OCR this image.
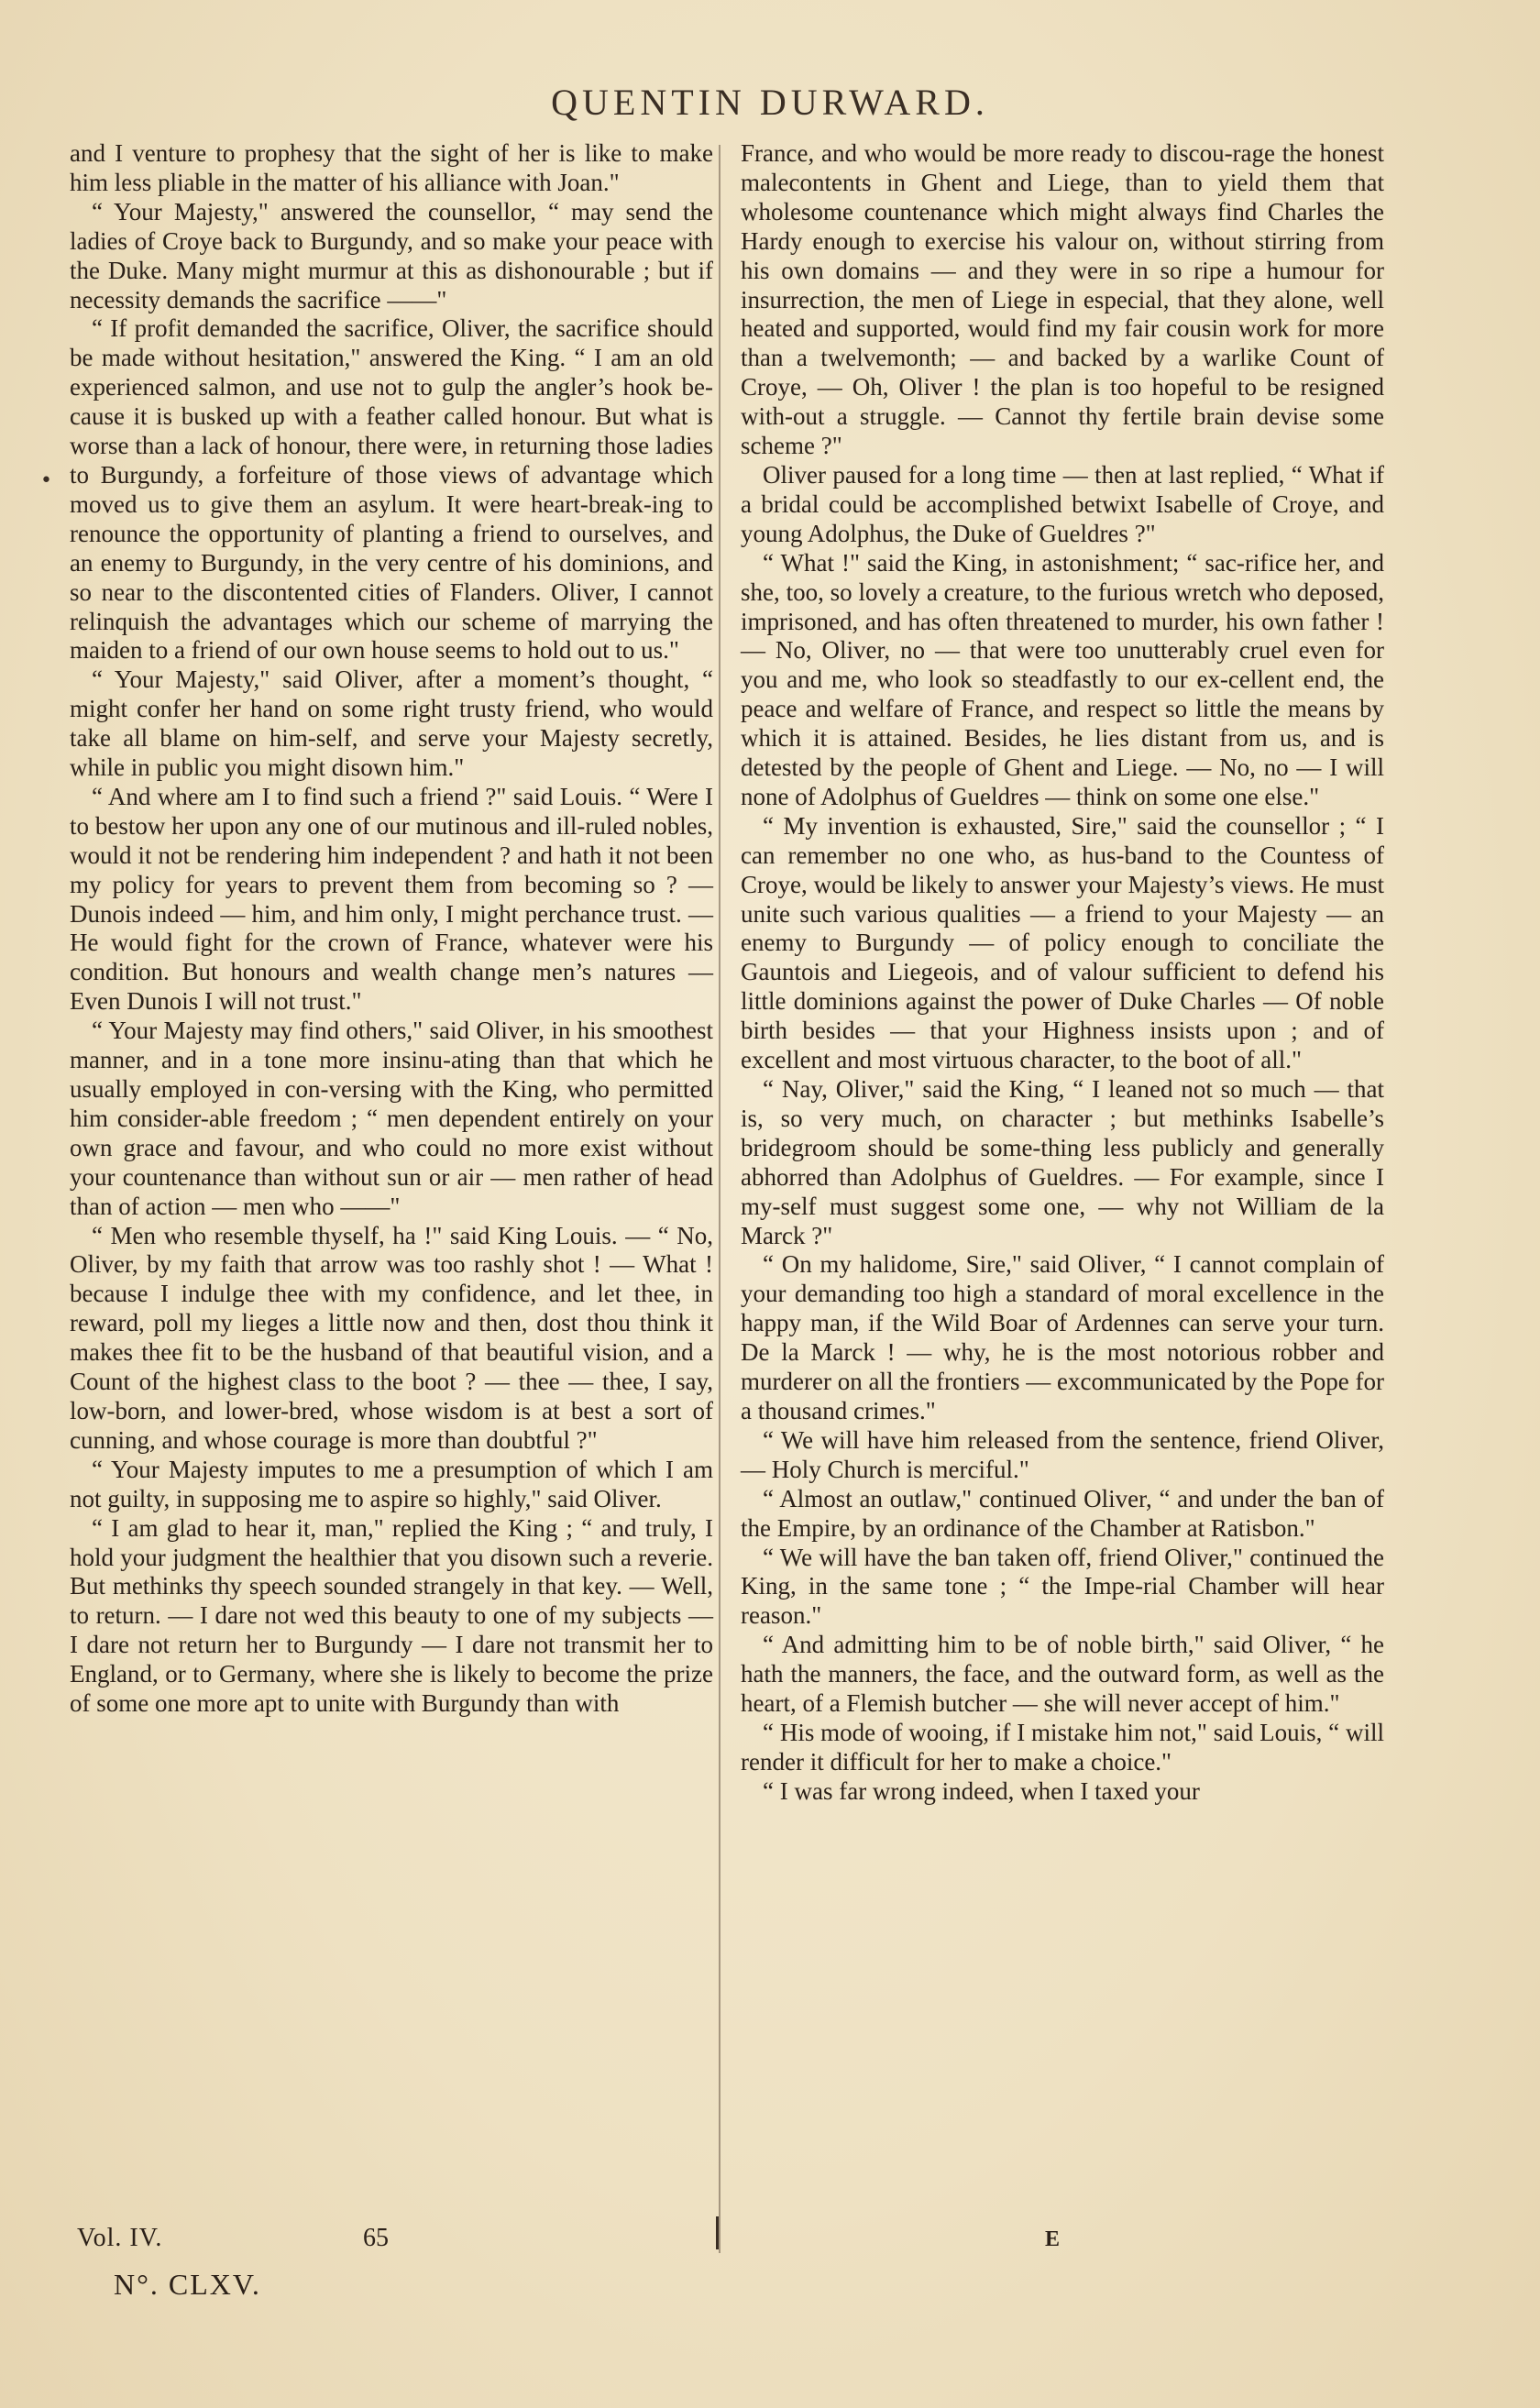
QUENTIN DURWARD.
•

and I venture to prophesy that the sight of her is like to make him less pliable in the matter of his alliance with Joan."

“ Your Majesty," answered the counsellor, “ may send the ladies of Croye back to Burgundy, and so make your peace with the Duke. Many might murmur at this as dishonourable ; but if necessity demands the sacrifice ——"

“ If profit demanded the sacrifice, Oliver, the sacrifice should be made without hesitation," answered the King. “ I am an old experienced salmon, and use not to gulp the angler’s hook be-cause it is busked up with a feather called honour. But what is worse than a lack of honour, there were, in returning those ladies to Burgundy, a forfeiture of those views of advantage which moved us to give them an asylum. It were heart-break-ing to renounce the opportunity of planting a friend to ourselves, and an enemy to Burgundy, in the very centre of his dominions, and so near to the discontented cities of Flanders. Oliver, I cannot relinquish the advantages which our scheme of marrying the maiden to a friend of our own house seems to hold out to us."

“ Your Majesty," said Oliver, after a moment’s thought, “ might confer her hand on some right trusty friend, who would take all blame on him-self, and serve your Majesty secretly, while in public you might disown him."

“ And where am I to find such a friend ?" said Louis. “ Were I to bestow her upon any one of our mutinous and ill-ruled nobles, would it not be rendering him independent ? and hath it not been my policy for years to prevent them from becoming so ? — Dunois indeed — him, and him only, I might perchance trust. — He would fight for the crown of France, whatever were his condition. But honours and wealth change men’s natures — Even Dunois I will not trust."

“ Your Majesty may find others," said Oliver, in his smoothest manner, and in a tone more insinu-ating than that which he usually employed in con-versing with the King, who permitted him consider-able freedom ; “ men dependent entirely on your own grace and favour, and who could no more exist without your countenance than without sun or air — men rather of head than of action — men who ——"

“ Men who resemble thyself, ha !" said King Louis. — “ No, Oliver, by my faith that arrow was too rashly shot ! — What ! because I indulge thee with my confidence, and let thee, in reward, poll my lieges a little now and then, dost thou think it makes thee fit to be the husband of that beautiful vision, and a Count of the highest class to the boot ? — thee — thee, I say, low-born, and lower-bred, whose wisdom is at best a sort of cunning, and whose courage is more than doubtful ?"

“ Your Majesty imputes to me a presumption of which I am not guilty, in supposing me to aspire so highly," said Oliver.

“ I am glad to hear it, man," replied the King ; “ and truly, I hold your judgment the healthier that you disown such a reverie. But methinks thy speech sounded strangely in that key. — Well, to return. — I dare not wed this beauty to one of my subjects — I dare not return her to Burgundy — I dare not transmit her to England, or to Germany, where she is likely to become the prize of some one more apt to unite with Burgundy than with

France, and who would be more ready to discou-rage the honest malecontents in Ghent and Liege, than to yield them that wholesome countenance which might always find Charles the Hardy enough to exercise his valour on, without stirring from his own domains — and they were in so ripe a humour for insurrection, the men of Liege in especial, that they alone, well heated and supported, would find my fair cousin work for more than a twelvemonth; — and backed by a warlike Count of Croye, — Oh, Oliver ! the plan is too hopeful to be resigned with-out a struggle. — Cannot thy fertile brain devise some scheme ?"

Oliver paused for a long time — then at last replied, “ What if a bridal could be accomplished betwixt Isabelle of Croye, and young Adolphus, the Duke of Gueldres ?"

“ What !" said the King, in astonishment; “ sac-rifice her, and she, too, so lovely a creature, to the furious wretch who deposed, imprisoned, and has often threatened to murder, his own father ! — No, Oliver, no — that were too unutterably cruel even for you and me, who look so steadfastly to our ex-cellent end, the peace and welfare of France, and respect so little the means by which it is attained. Besides, he lies distant from us, and is detested by the people of Ghent and Liege. — No, no — I will none of Adolphus of Gueldres — think on some one else."

“ My invention is exhausted, Sire," said the counsellor ; “ I can remember no one who, as hus-band to the Countess of Croye, would be likely to answer your Majesty’s views. He must unite such various qualities — a friend to your Majesty — an enemy to Burgundy — of policy enough to conciliate the Gauntois and Liegeois, and of valour sufficient to defend his little dominions against the power of Duke Charles — Of noble birth besides — that your Highness insists upon ; and of excellent and most virtuous character, to the boot of all."

“ Nay, Oliver," said the King, “ I leaned not so much — that is, so very much, on character ; but methinks Isabelle’s bridegroom should be some-thing less publicly and generally abhorred than Adolphus of Gueldres. — For example, since I my-self must suggest some one, — why not William de la Marck ?"

“ On my halidome, Sire," said Oliver, “ I cannot complain of your demanding too high a standard of moral excellence in the happy man, if the Wild Boar of Ardennes can serve your turn. De la Marck ! — why, he is the most notorious robber and murderer on all the frontiers — excommunicated by the Pope for a thousand crimes."

“ We will have him released from the sentence, friend Oliver, — Holy Church is merciful."

“ Almost an outlaw," continued Oliver, “ and under the ban of the Empire, by an ordinance of the Chamber at Ratisbon."

“ We will have the ban taken off, friend Oliver," continued the King, in the same tone ; “ the Impe-rial Chamber will hear reason."

“ And admitting him to be of noble birth," said Oliver, “ he hath the manners, the face, and the outward form, as well as the heart, of a Flemish butcher — she will never accept of him."

“ His mode of wooing, if I mistake him not," said Louis, “ will render it difficult for her to make a choice."

“ I was far wrong indeed, when I taxed your

Vol. IV.	65	E
N°. CLXV.
